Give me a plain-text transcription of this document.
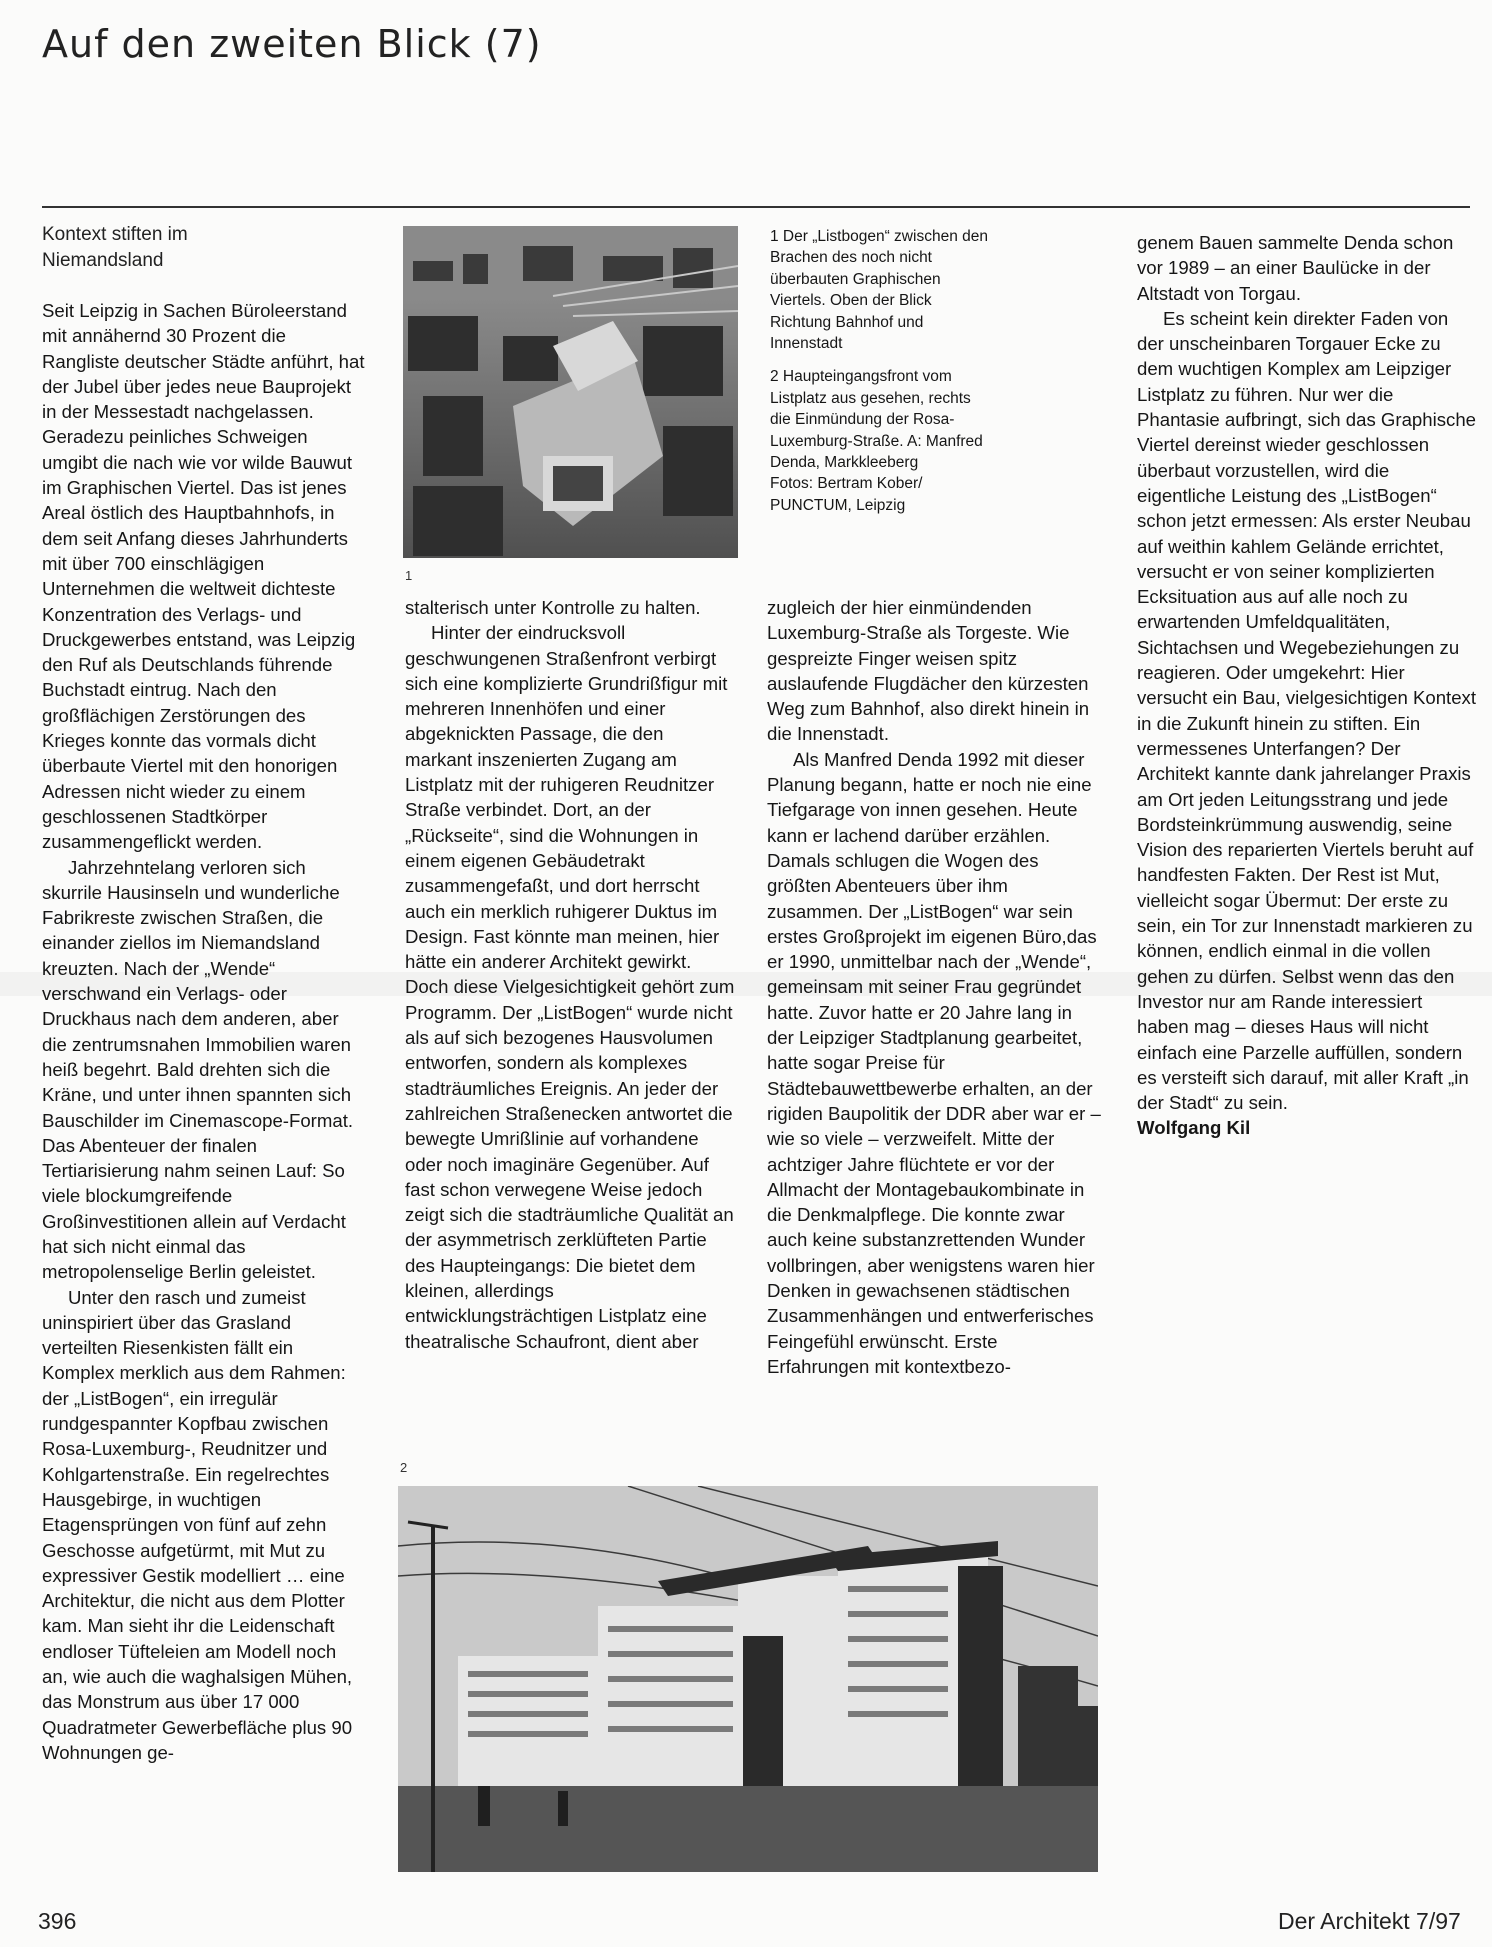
Auf den zweiten Blick (7)
Kontext stiften im Niemandsland

Seit Leipzig in Sachen Büroleerstand mit annähernd 30 Prozent die Rangliste deutscher Städte anführt, hat der Jubel über jedes neue Bauprojekt in der Messestadt nachgelassen. Geradezu peinliches Schweigen umgibt die nach wie vor wilde Bauwut im Graphischen Viertel. Das ist jenes Areal östlich des Hauptbahnhofs, in dem seit Anfang dieses Jahrhunderts mit über 700 einschlägigen Unternehmen die weltweit dichteste Konzentration des Verlags- und Druckgewerbes entstand, was Leipzig den Ruf als Deutschlands führende Buchstadt eintrug. Nach den großflächigen Zerstörungen des Krieges konnte das vormals dicht überbaute Viertel mit den honorigen Adressen nicht wieder zu einem geschlossenen Stadtkörper zusammengeflickt werden.

Jahrzehntelang verloren sich skurrile Hausinseln und wunderliche Fabrikreste zwischen Straßen, die einander ziellos im Niemandsland kreuzten. Nach der „Wende“ verschwand ein Verlags- oder Druckhaus nach dem anderen, aber die zentrumsnahen Immobilien waren heiß begehrt. Bald drehten sich die Kräne, und unter ihnen spannten sich Bauschilder im Cinemascope-Format. Das Abenteuer der finalen Tertiarisierung nahm seinen Lauf: So viele blockumgreifende Großinvestitionen allein auf Verdacht hat sich nicht einmal das metropolenselige Berlin geleistet.

Unter den rasch und zumeist uninspiriert über das Grasland verteilten Riesenkisten fällt ein Komplex merklich aus dem Rahmen: der „ListBogen“, ein irregulär rundgespannter Kopfbau zwischen Rosa-Luxemburg-, Reudnitzer und Kohlgartenstraße. Ein regelrechtes Hausgebirge, in wuchtigen Etagensprüngen von fünf auf zehn Geschosse aufgetürmt, mit Mut zu expressiver Gestik modelliert … eine Architektur, die nicht aus dem Plotter kam. Man sieht ihr die Leidenschaft endloser Tüfteleien am Modell noch an, wie auch die waghalsigen Mühen, das Monstrum aus über 17 000 Quadratmeter Gewerbefläche plus 90 Wohnungen ge-

1

1 Der „Listbogen“ zwischen den Brachen des noch nicht überbauten Graphischen Viertels. Oben der Blick Richtung Bahnhof und Innenstadt

2 Haupteingangsfront vom Listplatz aus gesehen, rechts die Einmündung der Rosa-Luxemburg-Straße. A: Manfred Denda, Markkleeberg

Fotos: Bertram Kober/ PUNCTUM, Leipzig

stalterisch unter Kontrolle zu halten.

Hinter der eindrucksvoll geschwungenen Straßenfront verbirgt sich eine komplizierte Grundrißfigur mit mehreren Innenhöfen und einer abgeknickten Passage, die den markant inszenierten Zugang am Listplatz mit der ruhigeren Reudnitzer Straße verbindet. Dort, an der „Rückseite“, sind die Wohnungen in einem eigenen Gebäudetrakt zusammengefaßt, und dort herrscht auch ein merklich ruhigerer Duktus im Design. Fast könnte man meinen, hier hätte ein anderer Architekt gewirkt. Doch diese Vielgesichtigkeit gehört zum Programm. Der „ListBogen“ wurde nicht als auf sich bezogenes Hausvolumen entworfen, sondern als komplexes stadträumliches Ereignis. An jeder der zahlreichen Straßenecken antwortet die bewegte Umrißlinie auf vorhandene oder noch imaginäre Gegenüber. Auf fast schon verwegene Weise jedoch zeigt sich die stadträumliche Qualität an der asymmetrisch zerklüfteten Partie des Haupteingangs: Die bietet dem kleinen, allerdings entwicklungsträchtigen Listplatz eine theatralische Schaufront, dient aber

zugleich der hier einmündenden Luxemburg-Straße als Torgeste. Wie gespreizte Finger weisen spitz auslaufende Flugdächer den kürzesten Weg zum Bahnhof, also direkt hinein in die Innenstadt.

Als Manfred Denda 1992 mit dieser Planung begann, hatte er noch nie eine Tiefgarage von innen gesehen. Heute kann er lachend darüber erzählen. Damals schlugen die Wogen des größten Abenteuers über ihm zusammen. Der „ListBogen“ war sein erstes Großprojekt im eigenen Büro,das er 1990, unmittelbar nach der „Wende“, gemeinsam mit seiner Frau gegründet hatte. Zuvor hatte er 20 Jahre lang in der Leipziger Stadtplanung gearbeitet, hatte sogar Preise für Städtebauwettbewerbe erhalten, an der rigiden Baupolitik der DDR aber war er – wie so viele – verzweifelt. Mitte der achtziger Jahre flüchtete er vor der Allmacht der Montagebaukombinate in die Denkmalpflege. Die konnte zwar auch keine substanzrettenden Wunder vollbringen, aber wenigstens waren hier Denken in gewachsenen städtischen Zusammenhängen und entwerferisches Feingefühl erwünscht. Erste Erfahrungen mit kontextbezo-

genem Bauen sammelte Denda schon vor 1989 – an einer Baulücke in der Altstadt von Torgau.

Es scheint kein direkter Faden von der unscheinbaren Torgauer Ecke zu dem wuchtigen Komplex am Leipziger Listplatz zu führen. Nur wer die Phantasie aufbringt, sich das Graphische Viertel dereinst wieder geschlossen überbaut vorzustellen, wird die eigentliche Leistung des „ListBogen“ schon jetzt ermessen: Als erster Neubau auf weithin kahlem Gelände errichtet, versucht er von seiner komplizierten Ecksituation aus auf alle noch zu erwartenden Umfeldqualitäten, Sichtachsen und Wegebeziehungen zu reagieren. Oder umgekehrt: Hier versucht ein Bau, vielgesichtigen Kontext in die Zukunft hinein zu stiften. Ein vermessenes Unterfangen? Der Architekt kannte dank jahrelanger Praxis am Ort jeden Leitungsstrang und jede Bordsteinkrümmung auswendig, seine Vision des reparierten Viertels beruht auf handfesten Fakten. Der Rest ist Mut, vielleicht sogar Übermut: Der erste zu sein, ein Tor zur Innenstadt markieren zu können, endlich einmal in die vollen gehen zu dürfen. Selbst wenn das den Investor nur am Rande interessiert haben mag – dieses Haus will nicht einfach eine Parzelle auffüllen, sondern es versteift sich darauf, mit aller Kraft „in der Stadt“ zu sein.

Wolfgang Kil

2
396	Der Architekt 7/97
